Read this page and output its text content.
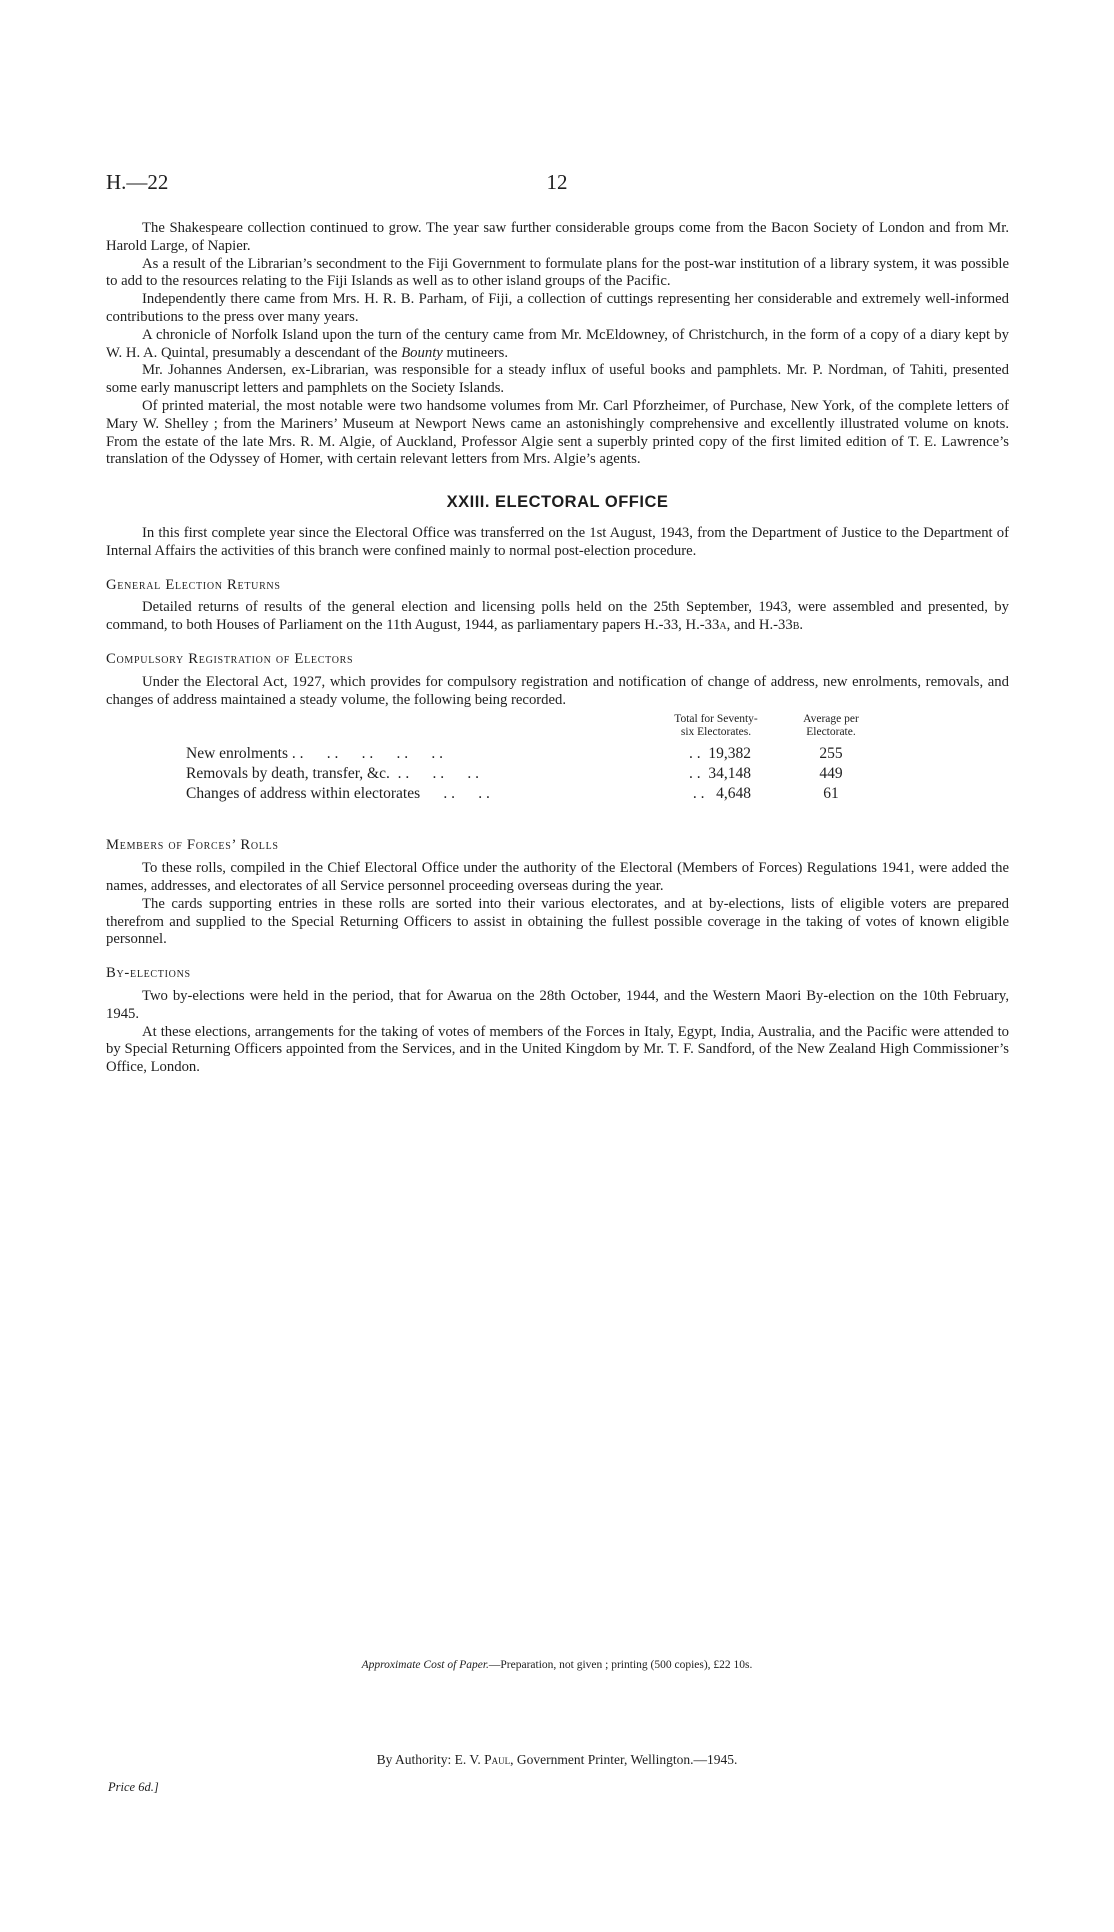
H.—22	12

The Shakespeare collection continued to grow. The year saw further considerable groups come from the Bacon Society of London and from Mr. Harold Large, of Napier.

As a result of the Librarian’s secondment to the Fiji Government to formulate plans for the post-war institution of a library system, it was possible to add to the resources relating to the Fiji Islands as well as to other island groups of the Pacific.

Independently there came from Mrs. H. R. B. Parham, of Fiji, a collection of cuttings representing her considerable and extremely well-informed contributions to the press over many years.

A chronicle of Norfolk Island upon the turn of the century came from Mr. McEldowney, of Christchurch, in the form of a copy of a diary kept by W. H. A. Quintal, presumably a descendant of the Bounty mutineers.

Mr. Johannes Andersen, ex-Librarian, was responsible for a steady influx of useful books and pamphlets. Mr. P. Nordman, of Tahiti, presented some early manuscript letters and pamphlets on the Society Islands.

Of printed material, the most notable were two handsome volumes from Mr. Carl Pforzheimer, of Purchase, New York, of the complete letters of Mary W. Shelley ; from the Mariners’ Museum at Newport News came an astonishingly comprehensive and excellently illustrated volume on knots. From the estate of the late Mrs. R. M. Algie, of Auckland, Professor Algie sent a superbly printed copy of the first limited edition of T. E. Lawrence’s translation of the Odyssey of Homer, with certain relevant letters from Mrs. Algie’s agents.

XXIII. ELECTORAL OFFICE

In this first complete year since the Electoral Office was transferred on the 1st August, 1943, from the Department of Justice to the Department of Internal Affairs the activities of this branch were confined mainly to normal post-election procedure.

General Election Returns

Detailed returns of results of the general election and licensing polls held on the 25th September, 1943, were assembled and presented, by command, to both Houses of Parliament on the 11th August, 1944, as parliamentary papers H.-33, H.-33a, and H.-33b.

Compulsory Registration of Electors

Under the Electoral Act, 1927, which provides for compulsory registration and notification of change of address, new enrolments, removals, and changes of address maintained a steady volume, the following being recorded.

Total for Seventy-
six Electorates.
Average per
Electorate.
New enrolments . .      . .      . .      . .      . .	. .  19,382	255
Removals by death, transfer, &c.  . .      . .      . .	. .  34,148	449
Changes of address within electorates      . .      . .	. .   4,648	61
Members of Forces’ Rolls

To these rolls, compiled in the Chief Electoral Office under the authority of the Electoral (Members of Forces) Regulations 1941, were added the names, addresses, and electorates of all Service personnel proceeding overseas during the year.

The cards supporting entries in these rolls are sorted into their various electorates, and at by-elections, lists of eligible voters are prepared therefrom and supplied to the Special Returning Officers to assist in obtaining the fullest possible coverage in the taking of votes of known eligible personnel.

By-elections

Two by-elections were held in the period, that for Awarua on the 28th October, 1944, and the Western Maori By-election on the 10th February, 1945.

At these elections, arrangements for the taking of votes of members of the Forces in Italy, Egypt, India, Australia, and the Pacific were attended to by Special Returning Officers appointed from the Services, and in the United Kingdom by Mr. T. F. Sandford, of the New Zealand High Commissioner’s Office, London.

Approximate Cost of Paper.—Preparation, not given ; printing (500 copies), £22 10s.
By Authority: E. V. Paul, Government Printer, Wellington.—1945.
Price 6d.]
